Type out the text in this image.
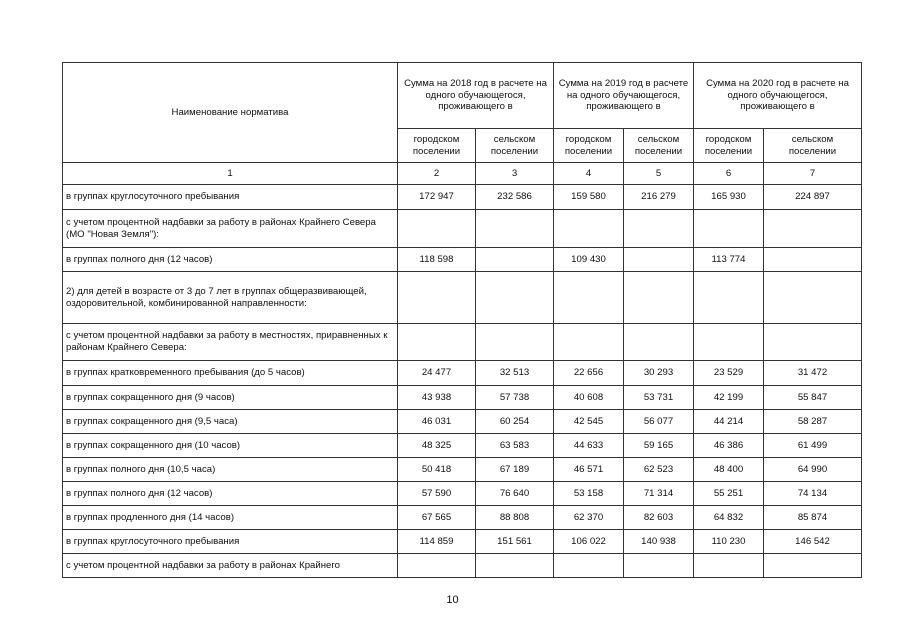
Наименование норматива	Сумма на 2018 год в расчете на одного обучающегося, проживающего в		Сумма на 2019 год в расчете на одного обучающегося, проживающего в		Сумма на 2020 год в расчете на одного обучающегося, проживающего в	
	городском поселении	сельском поселении	городском поселении	сельском поселении	городском поселении	сельском поселении
1	2	3	4	5	6	7
в группах круглосуточного пребывания	172 947	232 586	159 580	216 279	165 930	224 897
с учетом процентной надбавки за работу в районах Крайнего Севера (МО "Новая Земля"):						
в группах полного дня (12 часов)	118 598		109 430		113 774	
2) для детей в возрасте от 3 до 7 лет в группах общеразвивающей, оздоровительной, комбинированной направленности:						
с учетом процентной надбавки за работу в местностях, приравненных к районам Крайнего Севера:						
в группах кратковременного пребывания (до 5 часов)	24 477	32 513	22 656	30 293	23 529	31 472
в группах сокращенного дня (9 часов)	43 938	57 738	40 608	53 731	42 199	55 847
в группах сокращенного дня (9,5 часа)	46 031	60 254	42 545	56 077	44 214	58 287
в группах сокращенного дня (10 часов)	48 325	63 583	44 633	59 165	46 386	61 499
в группах полного дня (10,5 часа)	50 418	67 189	46 571	62 523	48 400	64 990
в группах полного дня (12 часов)	57 590	76 640	53 158	71 314	55 251	74 134
в группах продленного дня (14 часов)	67 565	88 808	62 370	82 603	64 832	85 874
в группах круглосуточного пребывания	114 859	151 561	106 022	140 938	110 230	146 542
с учетом процентной надбавки за работу в районах Крайнего						
10
